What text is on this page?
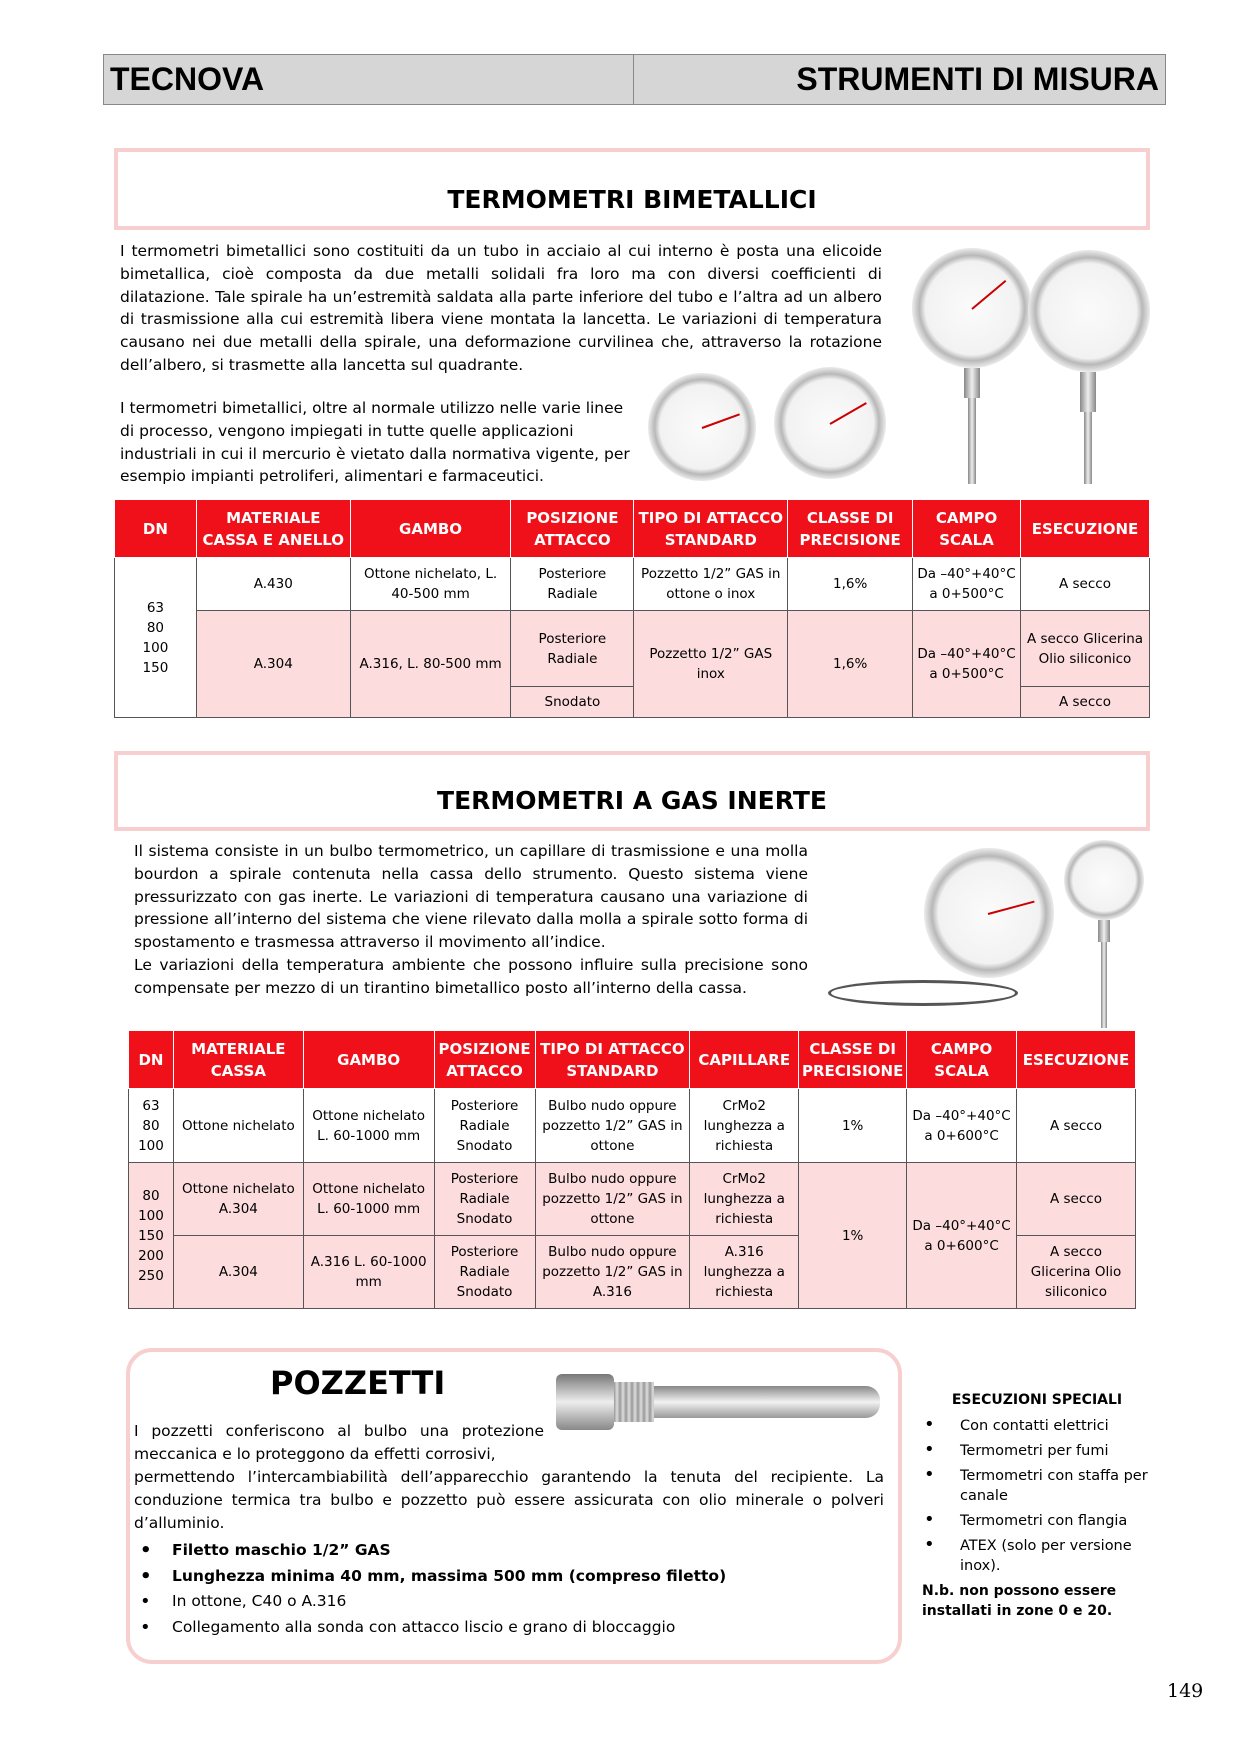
TECNOVA	STRUMENTI DI MISURA
TERMOMETRI BIMETALLICI
I termometri bimetallici sono costituiti da un tubo in acciaio al cui interno è posta una elicoide bimetallica, cioè composta da due metalli solidali fra loro ma con diversi coefficienti di dilatazione. Tale spirale ha un’estremità saldata alla parte inferiore del tubo e l’altra ad un albero di trasmissione alla cui estremità libera viene montata la lancetta. Le variazioni di temperatura causano nei due metalli della spirale, una deformazione curvilinea che, attraverso la rotazione dell’albero, si trasmette alla lancetta sul quadrante.
I termometri bimetallici, oltre al normale utilizzo nelle varie linee di processo, vengono impiegati in tutte quelle applicazioni industriali in cui il mercurio è vietato dalla normativa vigente, per esempio impianti petroliferi, alimentari e farmaceutici.
DN	MATERIALE CASSA E ANELLO	GAMBO	POSIZIONE ATTACCO	TIPO DI ATTACCO STANDARD	CLASSE DI PRECISIONE	CAMPO SCALA	ESECUZIONE
63
80
100
150	A.430	Ottone nichelato, L. 40-500 mm	Posteriore Radiale	Pozzetto 1/2” GAS in ottone o inox	1,6%	Da –40°+40°C a 0+500°C	A secco
	A.304	A.316, L. 80-500 mm	Posteriore Radiale	Pozzetto 1/2” GAS inox	1,6%	Da –40°+40°C a 0+500°C	A secco Glicerina Olio siliconico
			Snodato				A secco
TERMOMETRI A GAS INERTE

Il sistema consiste in un bulbo termometrico, un capillare di trasmissione e una molla bourdon a spirale contenuta nella cassa dello strumento. Questo sistema viene pressurizzato con gas inerte. Le variazioni di temperatura causano una variazione di pressione all’interno del sistema che viene rilevato dalla molla a spirale sotto forma di spostamento e trasmessa attraverso il movimento all’indice.

Le variazioni della temperatura ambiente che possono influire sulla precisione sono compensate per mezzo di un tirantino bimetallico posto all’interno della cassa.

DN	MATERIALE CASSA	GAMBO	POSIZIONE ATTACCO	TIPO DI ATTACCO STANDARD	CAPILLARE	CLASSE DI PRECISIONE	CAMPO SCALA	ESECUZIONE
63
80
100	Ottone nichelato	Ottone nichelato L. 60-1000 mm	Posteriore Radiale Snodato	Bulbo nudo oppure pozzetto 1/2” GAS in ottone	CrMo2 lunghezza a richiesta	1%	Da –40°+40°C a 0+600°C	A secco
80
100
150
200
250	Ottone nichelato A.304	Ottone nichelato L. 60-1000 mm	Posteriore Radiale Snodato	Bulbo nudo oppure pozzetto 1/2” GAS in ottone	CrMo2 lunghezza a richiesta	1%	Da –40°+40°C a 0+600°C	A secco
	A.304	A.316 L. 60-1000 mm	Posteriore Radiale Snodato	Bulbo nudo oppure pozzetto 1/2” GAS in A.316	A.316 lunghezza a richiesta			A secco Glicerina Olio siliconico
POZZETTI
I pozzetti conferiscono al bulbo una protezione meccanica e lo proteggono da effetti corrosivi,
permettendo l’intercambiabilità dell’apparecchio garantendo la tenuta del recipiente. La conduzione termica tra bulbo e pozzetto può essere assicurata con olio minerale o polveri d’alluminio.
• Filetto maschio 1/2” GAS
• Lunghezza minima 40 mm, massima 500 mm (compreso filetto)
• In ottone, C40 o A.316
• Collegamento alla sonda con attacco liscio e grano di bloccaggio
ESECUZIONI SPECIALI
• Con contatti elettrici
• Termometri per fumi
• Termometri con staffa per canale
• Termometri con flangia
• ATEX (solo per versione inox).
N.b. non possono essere installati in zone 0 e 20.
149
